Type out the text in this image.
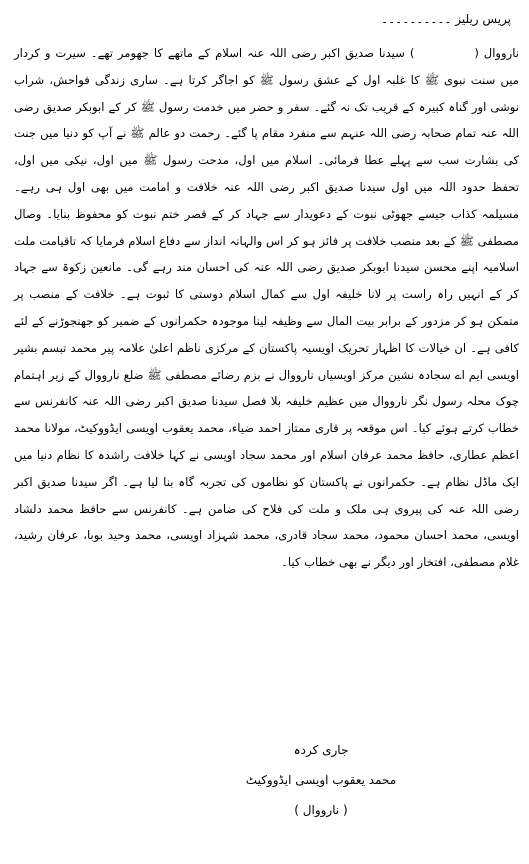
پریس ریلیز ۔۔۔۔۔۔۔۔۔۔

نارووال () سیدنا صدیق اکبر رضی اللہ عنہ اسلام کے ماتھے کا جھومر تھے۔ سیرت و کردار میں سنت نبوی ﷺ کا غلبہ اول کے عشق رسول ﷺ کو اجاگر کرتا ہے۔ ساری زندگی فواحش، شراب نوشی اور گناہ کبیرہ کے قریب تک نہ گئے۔ سفر و حضر میں خدمت رسول ﷺ کر کے ابوبکر صدیق رضی اللہ عنہ تمام صحابہ رضی اللہ عنہم سے منفرد مقام پا گئے۔ رحمت دو عالم ﷺ نے آپ کو دنیا میں جنت کی بشارت سب سے پہلے عطا فرمائی۔ اسلام میں اول، مدحت رسول ﷺ میں اول، نیکی میں اول، تحفظ حدود اللہ میں اول سیدنا صدیق اکبر رضی اللہ عنہ خلافت و امامت میں بھی اول ہی رہے۔ مسیلمہ کذاب جیسے جھوٹی نبوت کے دعویدار سے جہاد کر کے قصر ختم نبوت کو محفوظ بنایا۔ وصال مصطفی ﷺ کے بعد منصب خلافت پر فائز ہو کر اس والہانہ انداز سے دفاع اسلام فرمایا کہ تاقیامت ملت اسلامیہ اپنے محسن سیدنا ابوبکر صدیق رضی اللہ عنہ کی احسان مند رہے گی۔ مانعین زکوۃ سے جہاد کر کے انہیں راہ راست پر لانا خلیفہ اول سے کمال اسلام دوستی کا ثبوت ہے۔ خلافت کے منصب پر متمکن ہو کر مزدور کے برابر بیت المال سے وظیفہ لینا موجودہ حکمرانوں کے ضمیر کو جھنجوڑنے کے لئے کافی ہے۔ ان خیالات کا اظہار تحریک اویسیہ پاکستان کے مرکزی ناظم اعلیٰ علامہ پیر محمد تبسم بشیر اویسی ایم اے سجادہ نشین مرکز اویسیاں نارووال نے بزم رضائے مصطفی ﷺ ضلع نارووال کے زیر اہتمام چوک محلہ رسول نگر نارووال میں عظیم خلیفہ بلا فصل سیدنا صدیق اکبر رضی اللہ عنہ کانفرنس سے خطاب کرتے ہوئے کیا۔ اس موقعہ پر قاری ممتاز احمد ضیاء، محمد یعقوب اویسی ایڈووکیٹ، مولانا محمد اعظم عطاری، حافظ محمد عرفان اسلام اور محمد سجاد اویسی نے کہا خلافت راشدہ کا نظام دنیا میں ایک ماڈل نظام ہے۔ حکمرانوں نے پاکستان کو نظاموں کی تجربہ گاہ بنا لیا ہے۔ اگر سیدنا صدیق اکبر رضی اللہ عنہ کی پیروی ہی ملک و ملت کی فلاح کی ضامن ہے۔ کانفرنس سے حافظ محمد دلشاد اویسی، محمد احسان محمود، محمد سجاد قادری، محمد شہزاد اویسی، محمد وحید بوبا، عرفان رشید، غلام مصطفی، افتخار اور دیگر نے بھی خطاب کیا۔

جاری کردہ
محمد یعقوب اویسی ایڈووکیٹ
( نارووال )
